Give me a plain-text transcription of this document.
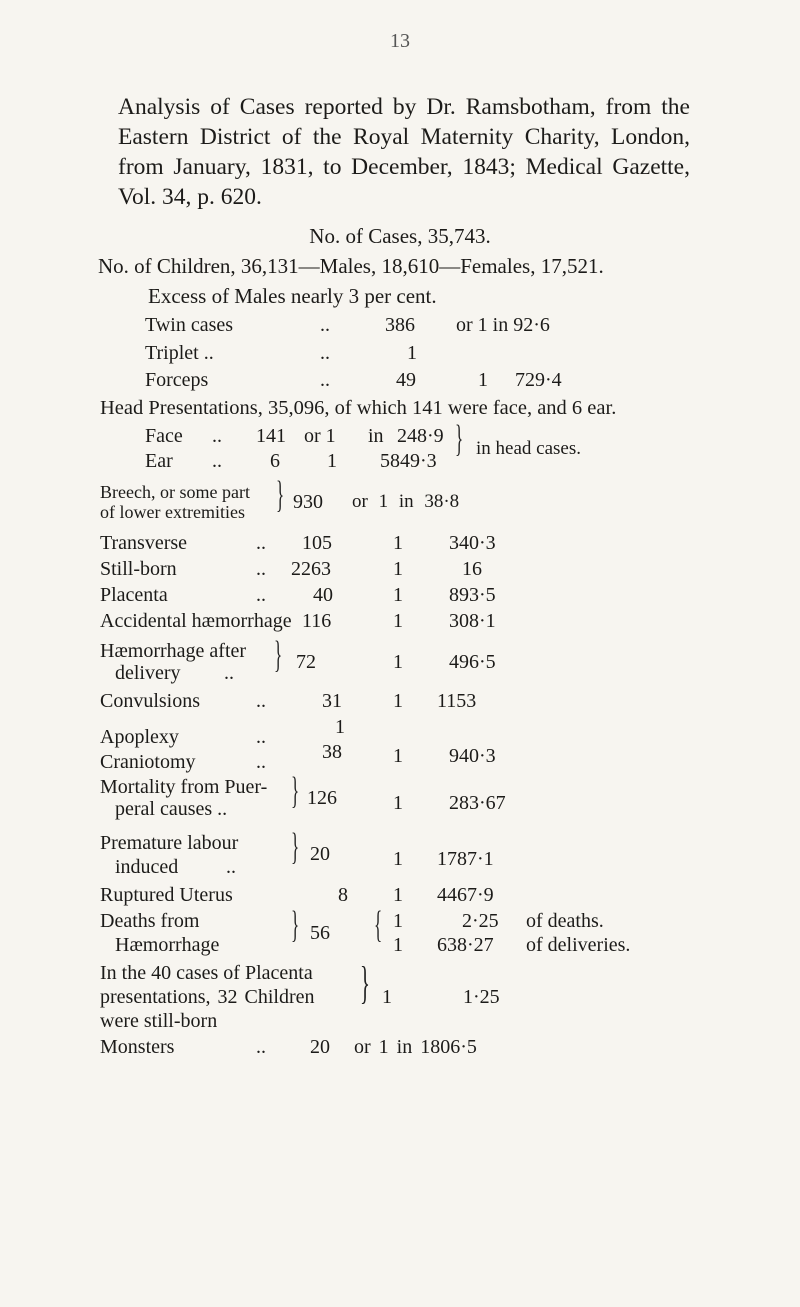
13
Analysis of Cases reported by Dr. Ramsbotham, from the Eastern District of the Royal Maternity Charity, London, from January, 1831, to December, 1843; Medical Gazette, Vol. 34, p. 620.
No. of Cases, 35,743.
No. of Children, 36,131—Males, 18,610—Females, 17,521.
Excess of Males nearly 3 per cent.
Twin cases	..	386 or 1 in 92·6
Triplet ..	..	1
Forceps	..	49	1 729·4
Head Presentations, 35,096, of which 141 were face, and 6 ear.
Face .. 141 or 1 in 248·9
Ear .. 6 1 5849·3
} in head cases.
Breech, or some part
of lower extremities } 930 or 1 in 38·8
Transverse	.. 105	1 340·3
Still-born	.. 2263	1	16
Placenta	.. 40	1 893·5
Accidental hæmorrhage 116	1 308·1
Hæmorrhage after
delivery .. } 72	1 496·5
Convulsions	..	31	1 1153
Apoplexy	..	1
Craniotomy	..	38	1 940·3
Mortality from Puer-
peral causes .. } 126	1 283·67
Premature labour
induced .. } 20	1 1787·1
Ruptured Uterus	8 1 4467·9
Deaths from
Hæmorrhage } 56 { 1	2·25 of deaths.
1 638·27 of deliveries.
In the 40 cases of Placenta
presentations, 32 Children
were still-born
} 1	1·25
Monsters	.. 20 or 1 in 1806·5
